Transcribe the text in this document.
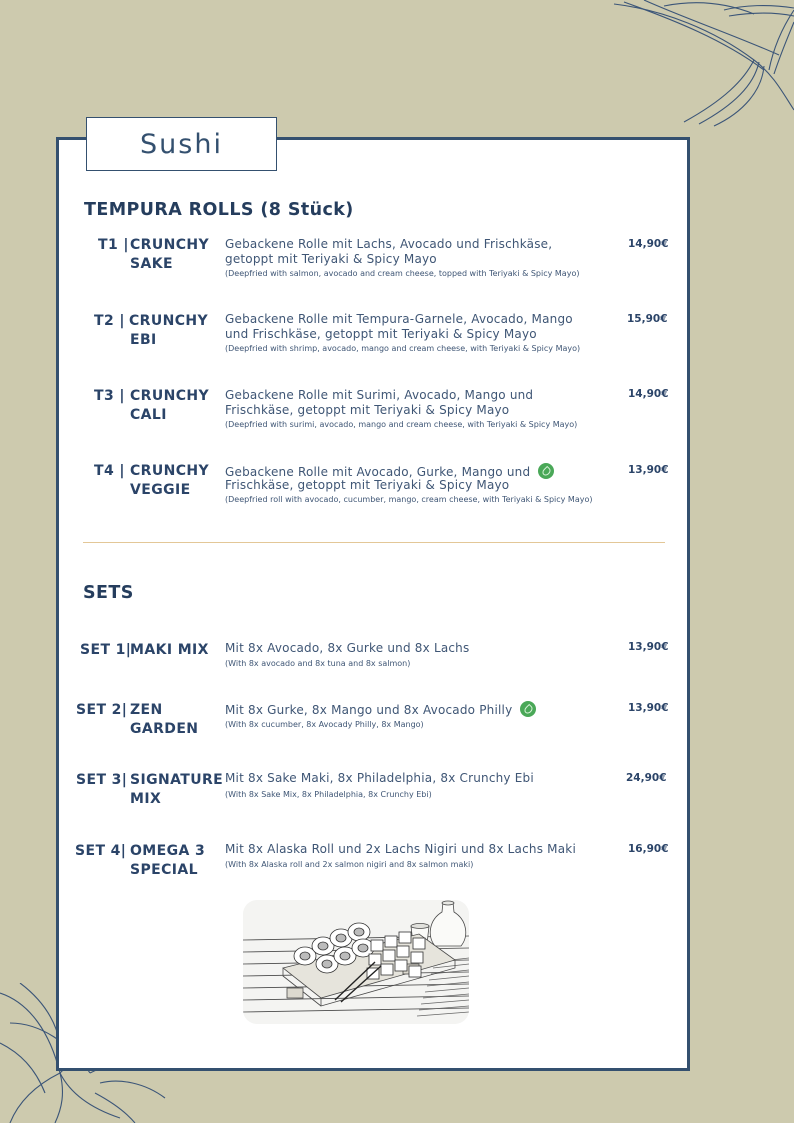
Sushi
TEMPURA ROLLS (8 Stück)
T1 | CRUNCHY
SAKE
Gebackene Rolle mit Lachs, Avocado und Frischkäse,
getoppt mit Teriyaki & Spicy Mayo
(Deepfried with salmon, avocado and cream cheese, topped with Teriyaki & Spicy Mayo)
14,90€
T2 | CRUNCHY
EBI
Gebackene Rolle mit Tempura-Garnele, Avocado, Mango
und Frischkäse, getoppt mit Teriyaki & Spicy Mayo
(Deepfried with shrimp, avocado, mango and cream cheese, with Teriyaki & Spicy Mayo)
15,90€
T3 | CRUNCHY
CALI
Gebackene Rolle mit Surimi, Avocado, Mango und
Frischkäse, getoppt mit Teriyaki & Spicy Mayo
(Deepfried with surimi, avocado, mango and cream cheese, with Teriyaki & Spicy Mayo)
14,90€
T4 | CRUNCHY
VEGGIE
Gebackene Rolle mit Avocado, Gurke, Mango und
Frischkäse, getoppt mit Teriyaki & Spicy Mayo
(Deepfried roll with avocado, cucumber, mango, cream cheese, with Teriyaki & Spicy Mayo)
13,90€
SETS
SET 1|
MAKI MIX Mit 8x Avocado, 8x Gurke und 8x Lachs
(With 8x avocado and 8x tuna and 8x salmon)
13,90€
SET 2| ZEN
GARDEN
Mit 8x Gurke, 8x Mango und 8x Avocado Philly
(With 8x cucumber, 8x Avocady Philly, 8x Mango)
13,90€
SET 3| SIGNATURE
MIX
Mit 8x Sake Maki, 8x Philadelphia, 8x Crunchy Ebi
(With 8x Sake Mix, 8x Philadelphia, 8x Crunchy Ebi)
24,90€
SET 4| OMEGA 3
SPECIAL
Mit 8x Alaska Roll und 2x Lachs Nigiri und 8x Lachs Maki
(With 8x Alaska roll and 2x salmon nigiri and 8x salmon maki)
16,90€
